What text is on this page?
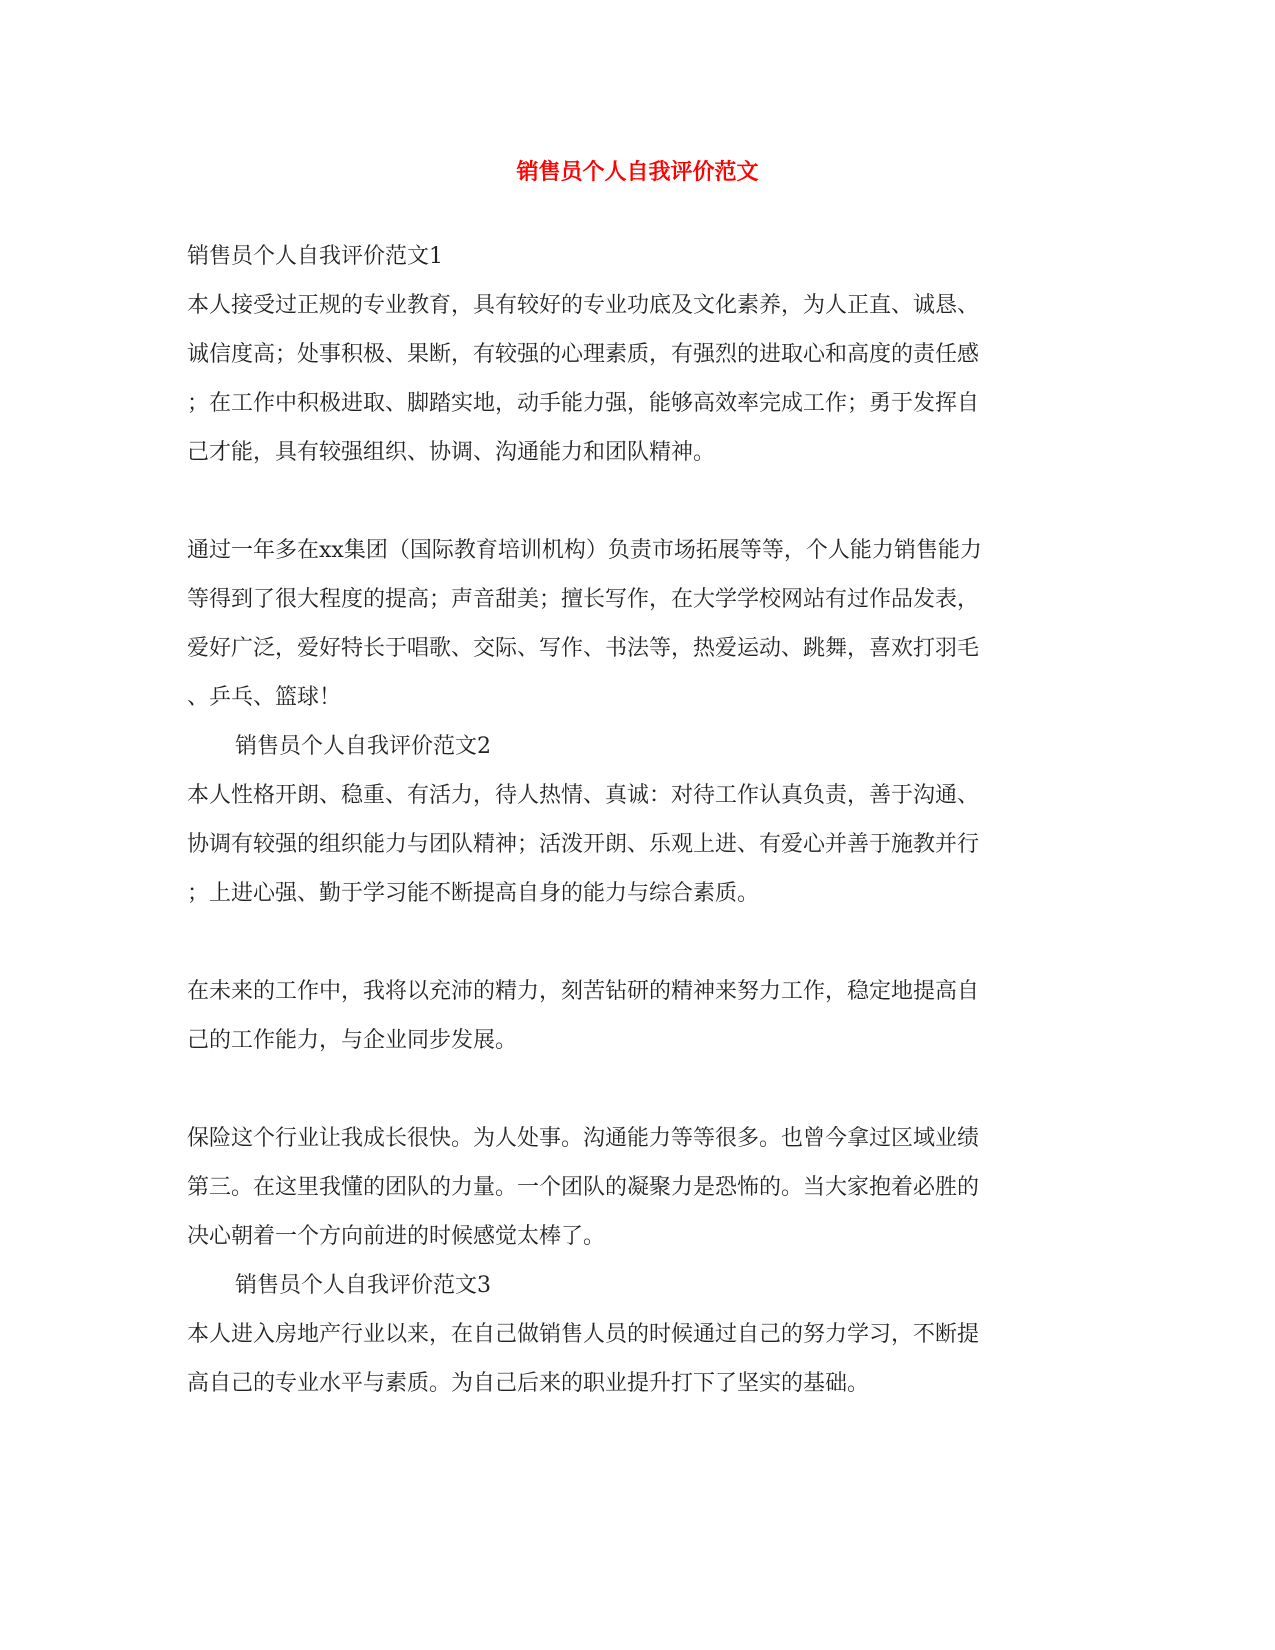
销售员个人自我评价范文
销售员个人自我评价范文1
本人接受过正规的专业教育，具有较好的专业功底及文化素养，为人正直、诚恳、
诚信度高；处事积极、果断，有较强的心理素质，有强烈的进取心和高度的责任感
；在工作中积极进取、脚踏实地，动手能力强，能够高效率完成工作；勇于发挥自
己才能，具有较强组织、协调、沟通能力和团队精神。
通过一年多在xx集团（国际教育培训机构）负责市场拓展等等，个人能力销售能力
等得到了很大程度的提高；声音甜美；擅长写作，在大学学校网站有过作品发表，
爱好广泛，爱好特长于唱歌、交际、写作、书法等，热爱运动、跳舞，喜欢打羽毛
、乒乓、篮球！
销售员个人自我评价范文2
本人性格开朗、稳重、有活力，待人热情、真诚：对待工作认真负责，善于沟通、
协调有较强的组织能力与团队精神；活泼开朗、乐观上进、有爱心并善于施教并行
；上进心强、勤于学习能不断提高自身的能力与综合素质。
在未来的工作中，我将以充沛的精力，刻苦钻研的精神来努力工作，稳定地提高自
己的工作能力，与企业同步发展。
保险这个行业让我成长很快。为人处事。沟通能力等等很多。也曾今拿过区域业绩
第三。在这里我懂的团队的力量。一个团队的凝聚力是恐怖的。当大家抱着必胜的
决心朝着一个方向前进的时候感觉太棒了。
销售员个人自我评价范文3
本人进入房地产行业以来，在自己做销售人员的时候通过自己的努力学习，不断提
高自己的专业水平与素质。为自己后来的职业提升打下了坚实的基础。
